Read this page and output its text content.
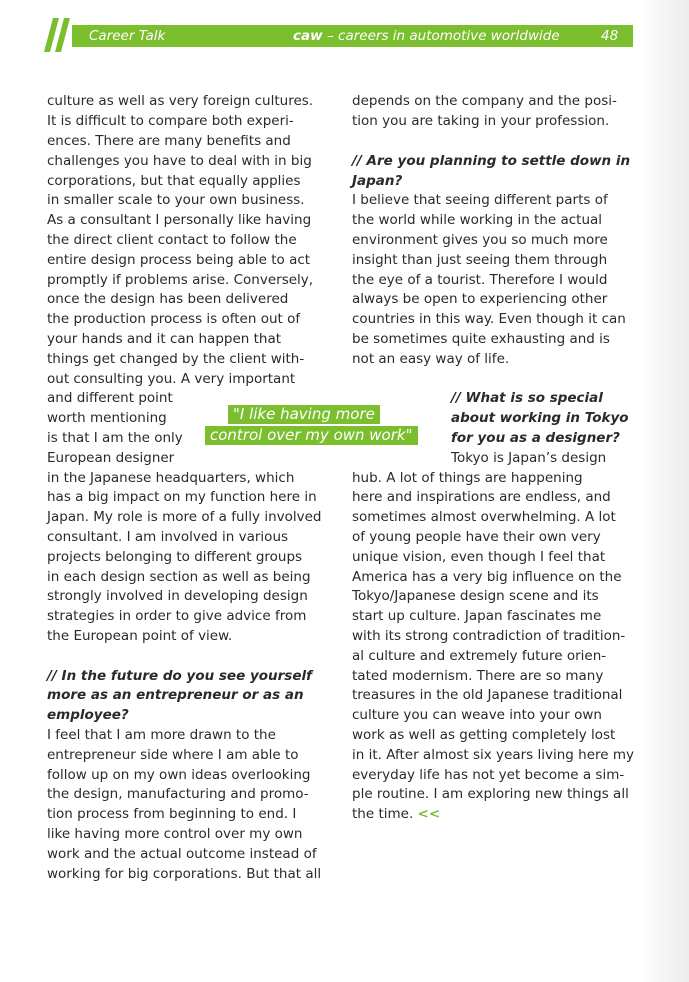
Career Talk	caw – careers in automotive worldwide	48
culture as well as very foreign cultures.
It is difficult to compare both experi-
ences. There are many benefits and
challenges you have to deal with in big
corporations, but that equally applies
in smaller scale to your own business.
As a consultant I personally like having
the direct client contact to follow the
entire design process being able to act
promptly if problems arise. Conversely,
once the design has been delivered
the production process is often out of
your hands and it can happen that
things get changed by the client with-
out consulting you. A very important
and different point
worth mentioning
is that I am the only
European designer
in the Japanese headquarters, which
has a big impact on my function here in
Japan. My role is more of a fully involved
consultant. I am involved in various
projects belonging to different groups
in each design section as well as being
strongly involved in developing design
strategies in order to give advice from
the European point of view.
// In the future do you see yourself
more as an entrepreneur or as an
employee?
I feel that I am more drawn to the
entrepreneur side where I am able to
follow up on my own ideas overlooking
the design, manufacturing and promo-
tion process from beginning to end. I
like having more control over my own
work and the actual outcome instead of
working for big corporations. But that all
"I like having more
control over my own work"
depends on the company and the posi-
tion you are taking in your profession.
// Are you planning to settle down in
Japan?
I believe that seeing different parts of
the world while working in the actual
environment gives you so much more
insight than just seeing them through
the eye of a tourist. Therefore I would
always be open to experiencing other
countries in this way. Even though it can
be sometimes quite exhausting and is
not an easy way of life.
// What is so special
about working in Tokyo
for you as a designer?
Tokyo is Japan’s design
hub. A lot of things are happening
here and inspirations are endless, and
sometimes almost overwhelming. A lot
of young people have their own very
unique vision, even though I feel that
America has a very big influence on the
Tokyo/Japanese design scene and its
start up culture. Japan fascinates me
with its strong contradiction of tradition-
al culture and extremely future orien-
tated modernism. There are so many
treasures in the old Japanese traditional
culture you can weave into your own
work as well as getting completely lost
in it. After almost six years living here my
everyday life has not yet become a sim-
ple routine. I am exploring new things all
the time. <<
